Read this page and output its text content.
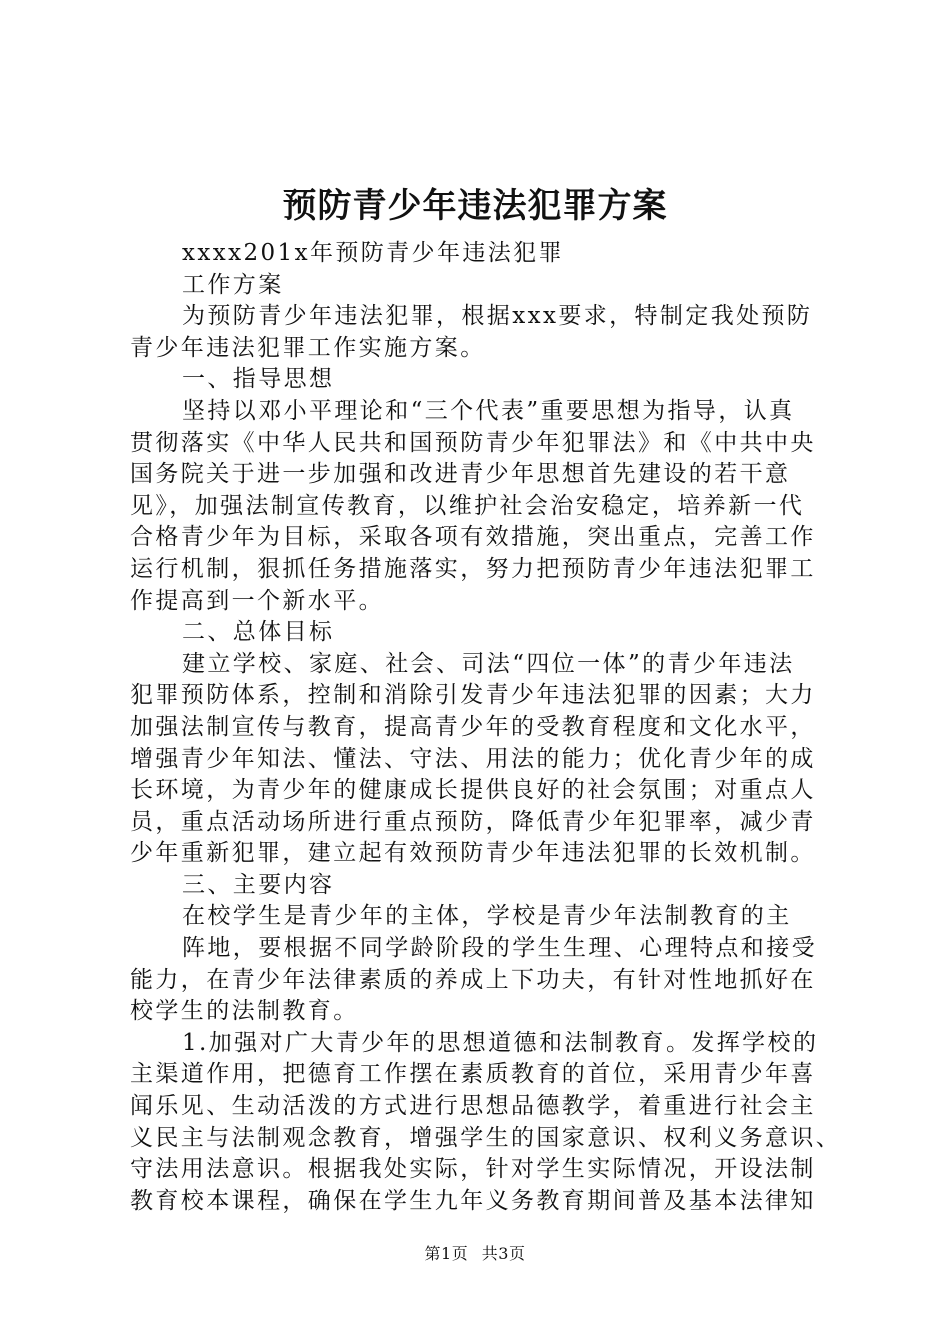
预防青少年违法犯罪方案
xxxx201x年预防青少年违法犯罪
工作方案
为预防青少年违法犯罪，根据xxx要求，特制定我处预防
青少年违法犯罪工作实施方案。
一、指导思想
坚持以邓小平理论和“三个代表”重要思想为指导，认真
贯彻落实《中华人民共和国预防青少年犯罪法》和《中共中央
国务院关于进一步加强和改进青少年思想首先建设的若干意
见》，加强法制宣传教育，以维护社会治安稳定，培养新一代
合格青少年为目标，采取各项有效措施，突出重点，完善工作
运行机制，狠抓任务措施落实，努力把预防青少年违法犯罪工
作提高到一个新水平。
二、总体目标
建立学校、家庭、社会、司法“四位一体”的青少年违法
犯罪预防体系，控制和消除引发青少年违法犯罪的因素；大力
加强法制宣传与教育，提高青少年的受教育程度和文化水平，
增强青少年知法、懂法、守法、用法的能力；优化青少年的成
长环境，为青少年的健康成长提供良好的社会氛围；对重点人
员，重点活动场所进行重点预防，降低青少年犯罪率，减少青
少年重新犯罪，建立起有效预防青少年违法犯罪的长效机制。
三、主要内容
在校学生是青少年的主体，学校是青少年法制教育的主
阵地，要根据不同学龄阶段的学生生理、心理特点和接受
能力，在青少年法律素质的养成上下功夫，有针对性地抓好在
校学生的法制教育。
1.加强对广大青少年的思想道德和法制教育。发挥学校的
主渠道作用，把德育工作摆在素质教育的首位，采用青少年喜
闻乐见、生动活泼的方式进行思想品德教学，着重进行社会主
义民主与法制观念教育，增强学生的国家意识、权利义务意识、
守法用法意识。根据我处实际，针对学生实际情况，开设法制
教育校本课程，确保在学生九年义务教育期间普及基本法律知
第1页 共3页
